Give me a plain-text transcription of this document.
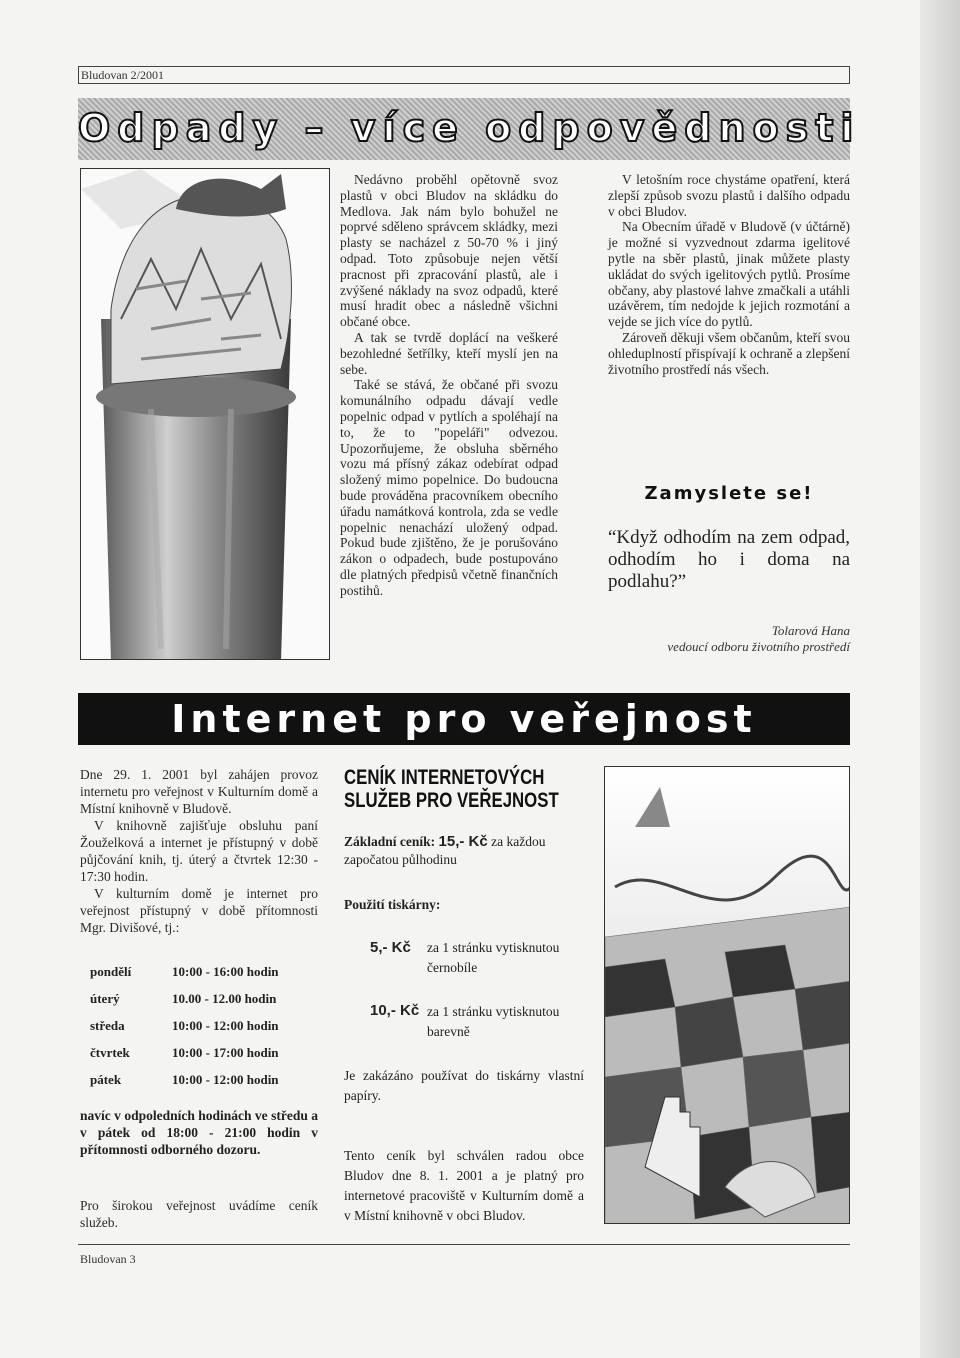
Bludovan 2/2001
Odpady – více odpovědnosti

Nedávno proběhl opětovně svoz plastů v obci Bludov na skládku do Medlova. Jak nám bylo bohužel ne poprvé sděleno správcem skládky, mezi plasty se nacházel z 50-70 % i jiný odpad. Toto způsobuje nejen větší pracnost při zpracování plastů, ale i zvýšené náklady na svoz odpadů, které musí hradit obec a následně všichni občané obce.

A tak se tvrdě doplácí na veškeré bezohledné šetřílky, kteří myslí jen na sebe.

Také se stává, že občané při svozu komunálního odpadu dávají vedle popelnic odpad v pytlích a spoléhají na to, že to "popeláři" odvezou. Upozorňujeme, že obsluha sběrného vozu má přísný zákaz odebírat odpad složený mimo popelnice. Do budoucna bude prováděna pracovníkem obecního úřadu namátková kontrola, zda se vedle popelnic nenachází uložený odpad. Pokud bude zjištěno, že je porušováno zákon o odpadech, bude postupováno dle platných předpisů včetně finančních postihů.

V letošním roce chystáme opatření, která zlepší způsob svozu plastů i dalšího odpadu v obci Bludov.

Na Obecním úřadě v Bludově (v účtárně) je možné si vyzvednout zdarma igelitové pytle na sběr plastů, jinak můžete plasty ukládat do svých igelitových pytlů. Prosíme občany, aby plastové lahve zmačkali a utáhli uzávěrem, tím nedojde k jejich rozmotání a vejde se jich více do pytlů.

Zároveň děkuji všem občanům, kteří svou ohleduplností přispívají k ochraně a zlepšení životního prostředí nás všech.

Zamyslete se!
“Když odhodím na zem odpad, odhodím ho i doma na podlahu?”
Tolarová Hana
vedoucí odboru životního prostředí
Internet pro veřejnost

Dne 29. 1. 2001 byl zahájen provoz internetu pro veřejnost v Kulturním domě a Místní knihovně v Bludově.

V knihovně zajišťuje obsluhu paní Žouželková a internet je přístupný v době půjčování knih, tj. úterý a čtvrtek 12:30 - 17:30 hodin.

V kulturním domě je internet pro veřejnost přístupný v době přítomnosti Mgr. Divišové, tj.:

pondělí	10:00 - 16:00 hodin
úterý	10.00 - 12.00 hodin
středa	10:00 - 12:00 hodin
čtvrtek	10:00 - 17:00 hodin
pátek	10:00 - 12:00 hodin
navíc v odpoledních hodinách ve středu a v pátek od 18:00 - 21:00 hodin v přítomnosti odborného dozoru.
Pro širokou veřejnost uvádíme ceník služeb.
CENÍK INTERNETOVÝCH
SLUŽEB PRO VEŘEJNOST
Základní ceník: 15,- Kč za každou započatou půlhodinu
Použití tiskárny:
5,- Kč za 1 stránku vytisknutou černobíle
10,- Kč za 1 stránku vytisknutou barevně
Je zakázáno používat do tiskárny vlastní papíry.
Tento ceník byl schválen radou obce Bludov dne 8. 1. 2001 a je platný pro internetové pracoviště v Kulturním domě a v Místní knihovně v obci Bludov.
Bludovan 3
